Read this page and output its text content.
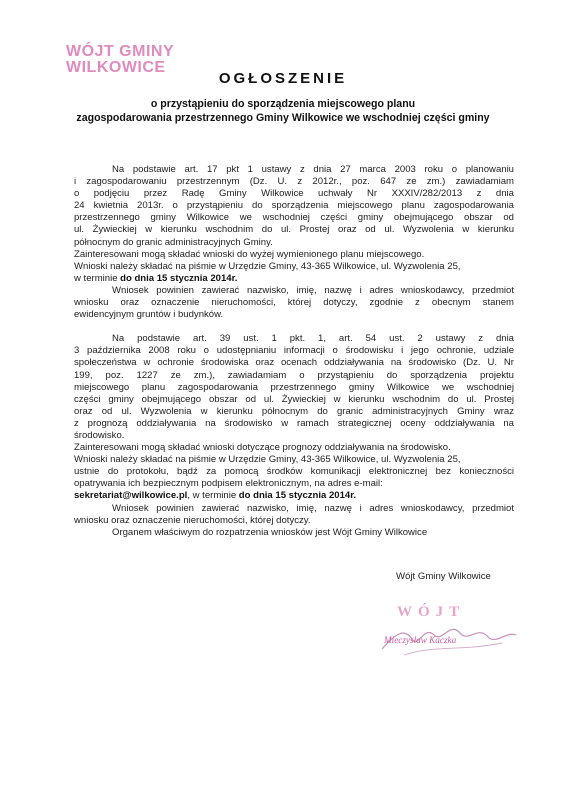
WÓJT GMINY
WILKOWICE
OGŁOSZENIE
o przystąpieniu do sporządzenia miejscowego planu
zagospodarowania przestrzennego Gminy Wilkowice we wschodniej części gminy
Na podstawie art. 17 pkt 1 ustawy z dnia 27 marca 2003 roku o planowaniu
i zagospodarowaniu przestrzennym (Dz. U. z 2012r., poz. 647 ze zm.) zawiadamiam
o podjęciu przez Radę Gminy Wilkowice uchwały Nr XXXIV/282/2013 z dnia
24 kwietnia 2013r. o przystąpieniu do sporządzenia miejscowego planu zagospodarowania
przestrzennego gminy Wilkowice we wschodniej części gminy obejmującego obszar od
ul. Żywieckiej w kierunku wschodnim do ul. Prostej oraz od ul. Wyzwolenia w kierunku
północnym do granic administracyjnych Gminy.
Zainteresowani mogą składać wnioski do wyżej wymienionego planu miejscowego.
Wnioski należy składać na piśmie w Urzędzie Gminy, 43-365 Wilkowice, ul. Wyzwolenia 25,
w terminie do dnia 15 stycznia 2014r.
Wniosek powinien zawierać nazwisko, imię, nazwę i adres wnioskodawcy, przedmiot
wniosku oraz oznaczenie nieruchomości, której dotyczy, zgodnie z obecnym stanem
ewidencyjnym gruntów i budynków.
Na podstawie art. 39 ust. 1 pkt. 1, art. 54 ust. 2 ustawy z dnia
3 października 2008 roku o udostępnianiu informacji o środowisku i jego ochronie, udziale
społeczeństwa w ochronie środowiska oraz ocenach oddziaływania na środowisko (Dz. U. Nr
199, poz. 1227 ze zm.), zawiadamiam o przystąpieniu do sporządzenia projektu
miejscowego planu zagospodarowania przestrzennego gminy Wilkowice we wschodniej
części gminy obejmującego obszar od ul. Żywieckiej w kierunku wschodnim do ul. Prostej
oraz od ul. Wyzwolenia w kierunku północnym do granic administracyjnych Gminy wraz
z prognozą oddziaływania na środowisko w ramach strategicznej oceny oddziaływania na
środowisko.
Zainteresowani mogą składać wnioski dotyczące prognozy oddziaływania na środowisko.
Wnioski należy składać na piśmie w Urzędzie Gminy, 43-365 Wilkowice, ul. Wyzwolenia 25,
ustnie do protokołu, bądź za pomocą środków komunikacji elektronicznej bez konieczności
opatrywania ich bezpiecznym podpisem elektronicznym, na adres e-mail:
sekretariat@wilkowice.pl, w terminie do dnia 15 stycznia 2014r.
Wniosek powinien zawierać nazwisko, imię, nazwę i adres wnioskodawcy, przedmiot
wniosku oraz oznaczenie nieruchomości, której dotyczy.
Organem właściwym do rozpatrzenia wniosków jest Wójt Gminy Wilkowice
Wójt Gminy Wilkowice
WÓJT
Mieczysław Kaczka
